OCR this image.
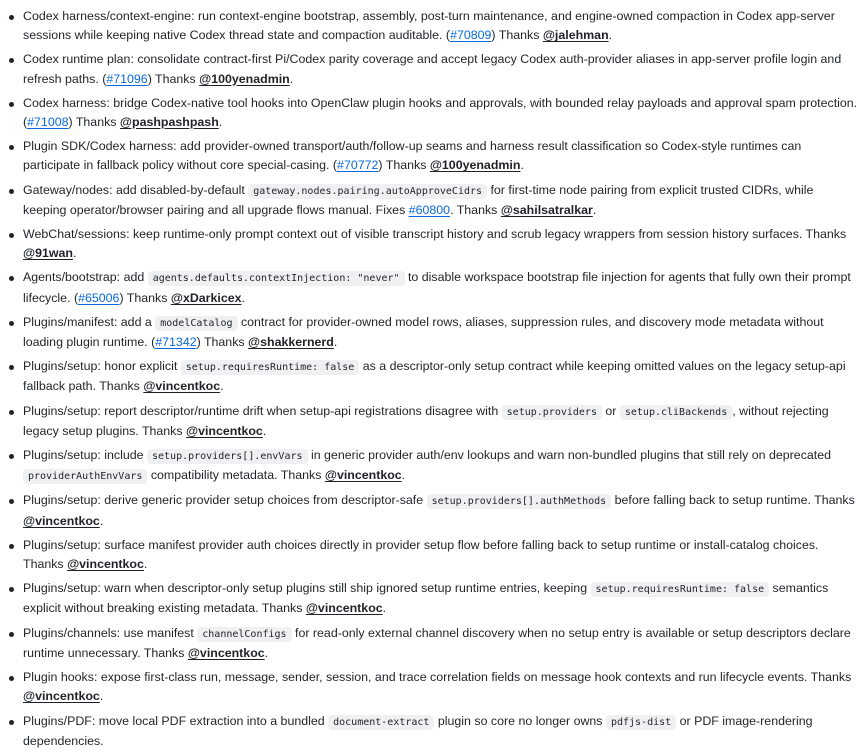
Codex harness/context-engine: run context-engine bootstrap, assembly, post-turn maintenance, and engine-owned compaction in Codex app-server sessions while keeping native Codex thread state and compaction auditable. (#70809) Thanks @jalehman.
Codex runtime plan: consolidate contract-first Pi/Codex parity coverage and accept legacy Codex auth-provider aliases in app-server profile login and refresh paths. (#71096) Thanks @100yenadmin.
Codex harness: bridge Codex-native tool hooks into OpenClaw plugin hooks and approvals, with bounded relay payloads and approval spam protection. (#71008) Thanks @pashpashpash.
Plugin SDK/Codex harness: add provider-owned transport/auth/follow-up seams and harness result classification so Codex-style runtimes can participate in fallback policy without core special-casing. (#70772) Thanks @100yenadmin.
Gateway/nodes: add disabled-by-default gateway.nodes.pairing.autoApproveCidrs for first-time node pairing from explicit trusted CIDRs, while keeping operator/browser pairing and all upgrade flows manual. Fixes #60800. Thanks @sahilsatralkar.
WebChat/sessions: keep runtime-only prompt context out of visible transcript history and scrub legacy wrappers from session history surfaces. Thanks @91wan.
Agents/bootstrap: add agents.defaults.contextInjection: "never" to disable workspace bootstrap file injection for agents that fully own their prompt lifecycle. (#65006) Thanks @xDarkicex.
Plugins/manifest: add a modelCatalog contract for provider-owned model rows, aliases, suppression rules, and discovery mode metadata without loading plugin runtime. (#71342) Thanks @shakkernerd.
Plugins/setup: honor explicit setup.requiresRuntime: false as a descriptor-only setup contract while keeping omitted values on the legacy setup-api fallback path. Thanks @vincentkoc.
Plugins/setup: report descriptor/runtime drift when setup-api registrations disagree with setup.providers or setup.cliBackends , without rejecting legacy setup plugins. Thanks @vincentkoc.
Plugins/setup: include setup.providers[].envVars in generic provider auth/env lookups and warn non-bundled plugins that still rely on deprecated providerAuthEnvVars compatibility metadata. Thanks @vincentkoc.
Plugins/setup: derive generic provider setup choices from descriptor-safe setup.providers[].authMethods before falling back to setup runtime. Thanks @vincentkoc.
Plugins/setup: surface manifest provider auth choices directly in provider setup flow before falling back to setup runtime or install-catalog choices. Thanks @vincentkoc.
Plugins/setup: warn when descriptor-only setup plugins still ship ignored setup runtime entries, keeping setup.requiresRuntime: false semantics explicit without breaking existing metadata. Thanks @vincentkoc.
Plugins/channels: use manifest channelConfigs for read-only external channel discovery when no setup entry is available or setup descriptors declare runtime unnecessary. Thanks @vincentkoc.
Plugin hooks: expose first-class run, message, sender, session, and trace correlation fields on message hook contexts and run lifecycle events. Thanks @vincentkoc.
Plugins/PDF: move local PDF extraction into a bundled document-extract plugin so core no longer owns pdfjs-dist or PDF image-rendering dependencies.
